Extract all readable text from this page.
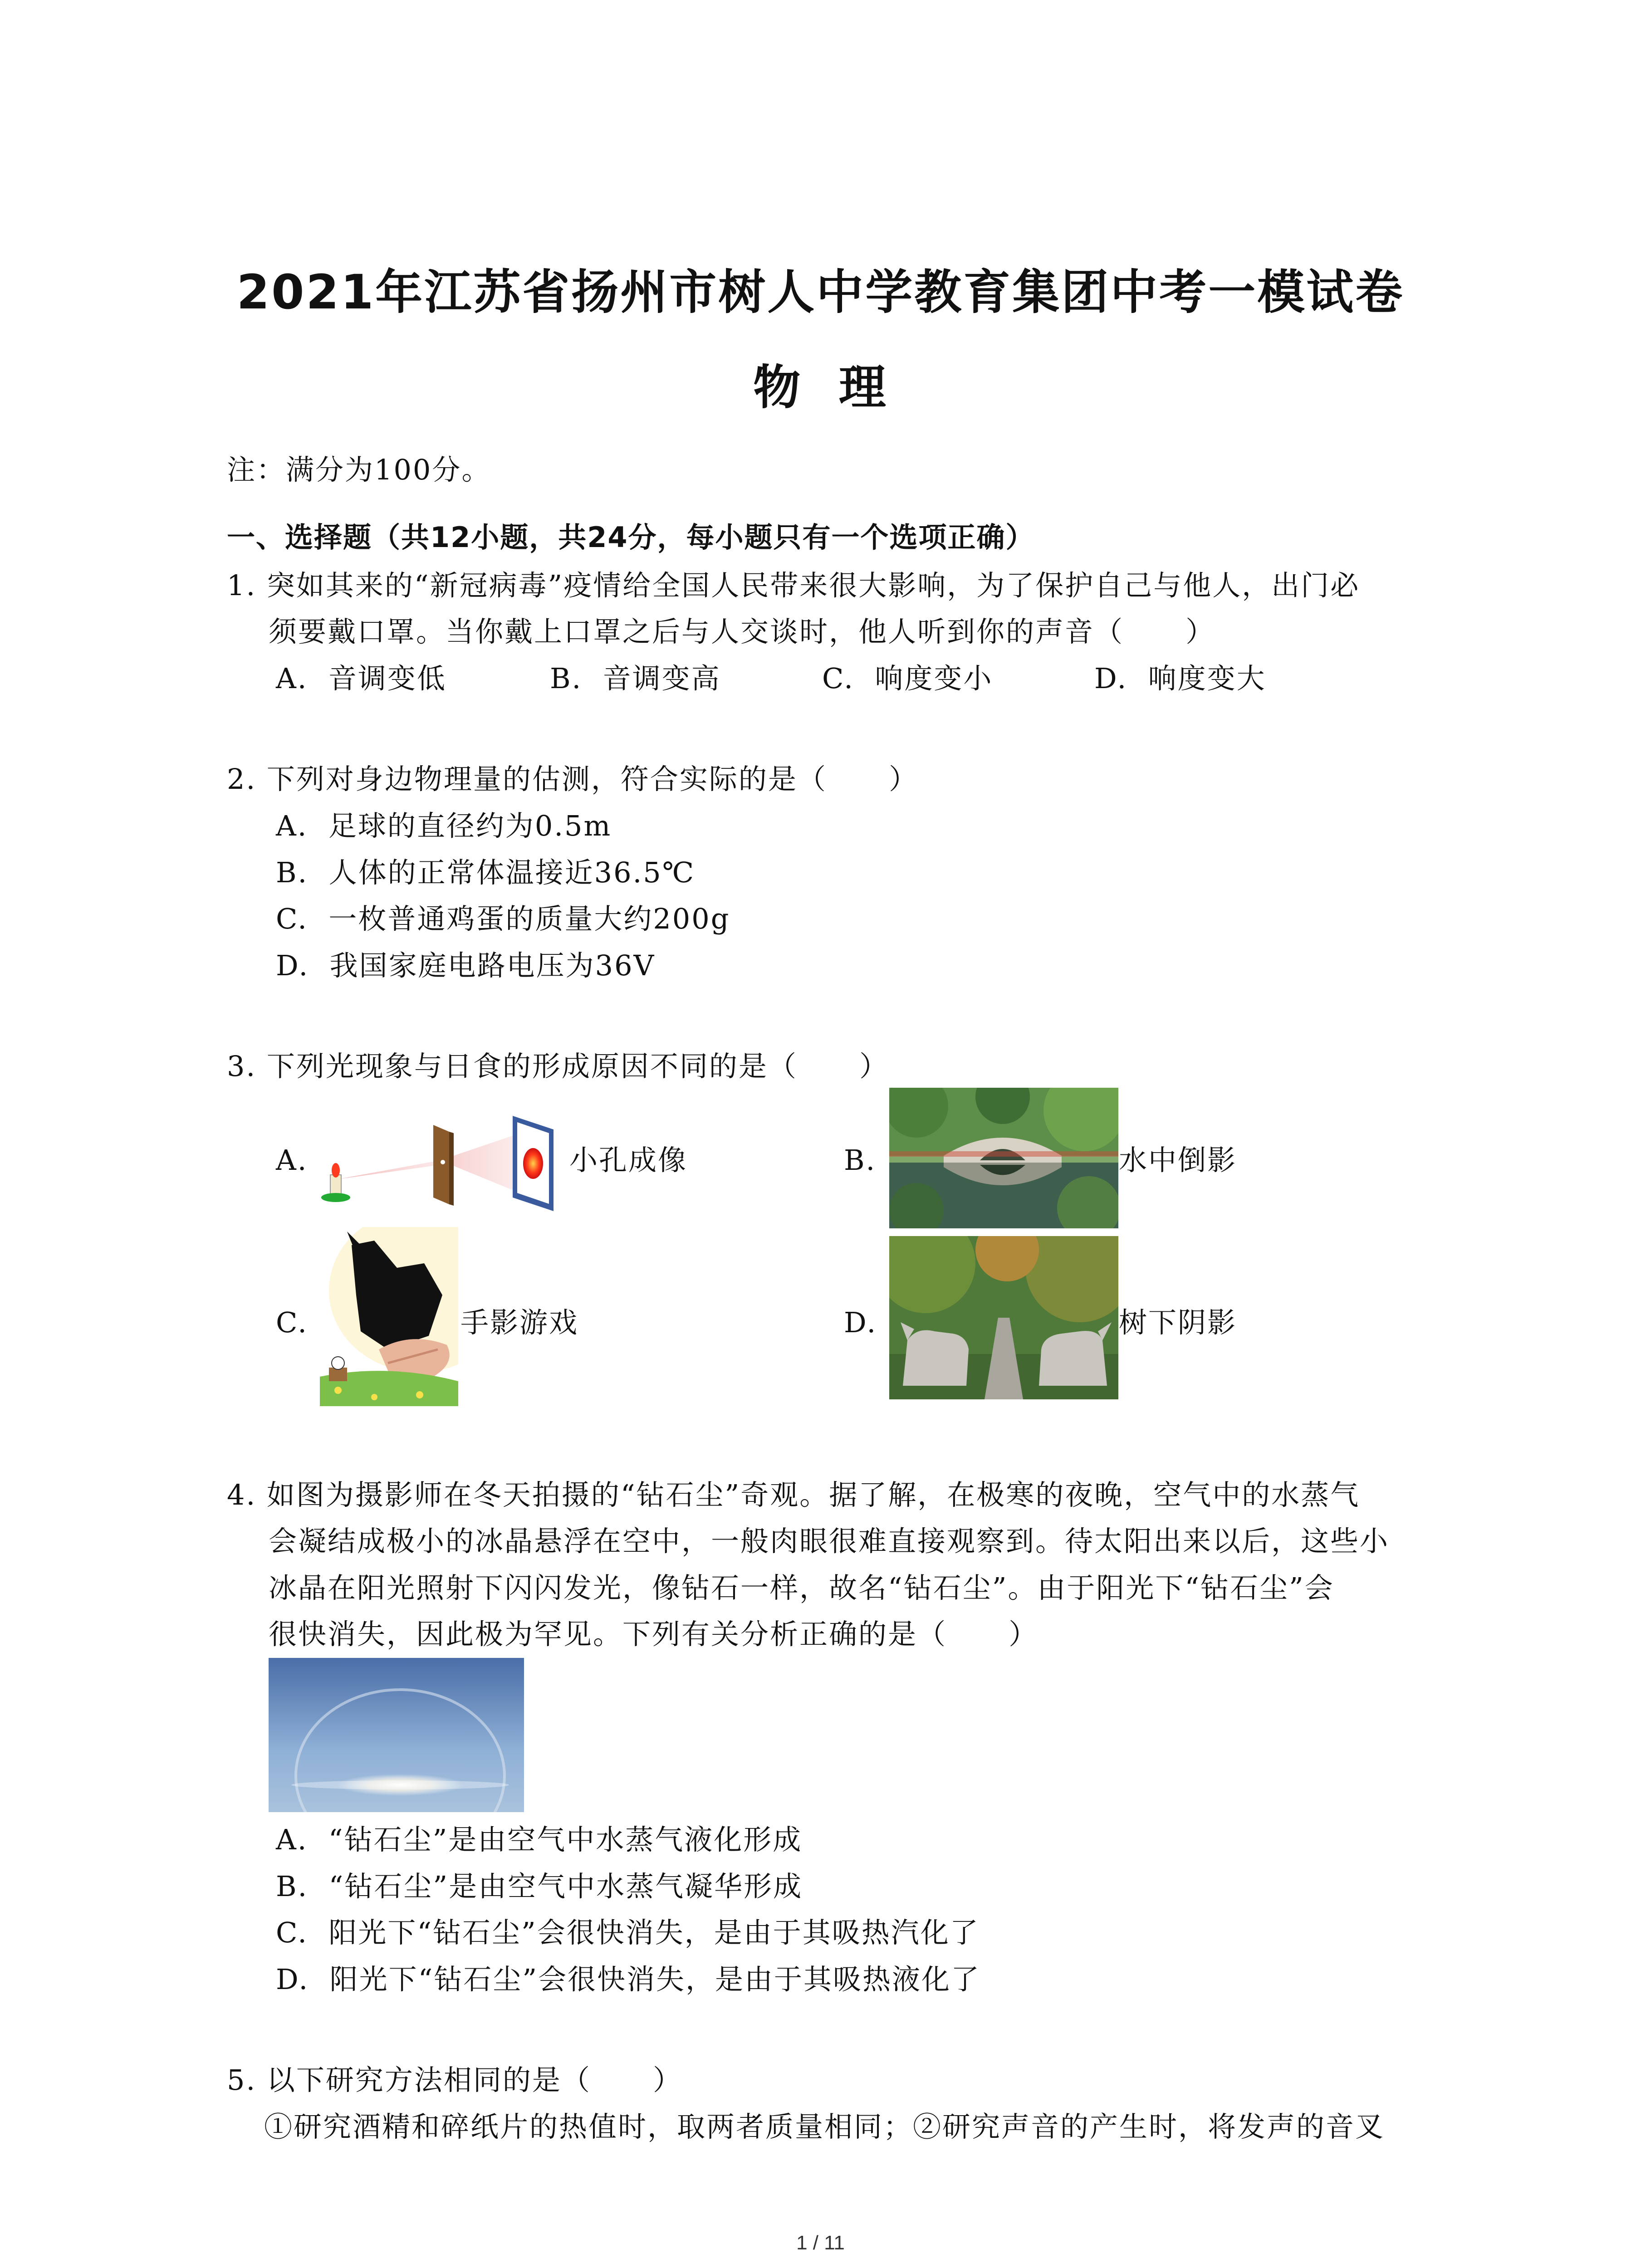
2021年江苏省扬州市树人中学教育集团中考一模试卷
物  理
注：满分为100分。
一、选择题（共12小题，共24分，每小题只有一个选项正确）
1. 突如其来的“新冠病毒”疫情给全国人民带来很大影响，为了保护自己与他人，出门必
须要戴口罩。当你戴上口罩之后与人交谈时，他人听到你的声音（      ）
A.  音调变低	B.  音调变高	C.  响度变小	D.  响度变大
2. 下列对身边物理量的估测，符合实际的是（      ）
A.  足球的直径约为0.5m
B.  人体的正常体温接近36.5℃
C.  一枚普通鸡蛋的质量大约200g
D.  我国家庭电路电压为36V
3. 下列光现象与日食的形成原因不同的是（      ）
A.	小孔成像	B.	水中倒影
C.	手影游戏	D.	树下阴影
4. 如图为摄影师在冬天拍摄的“钻石尘”奇观。据了解，在极寒的夜晚，空气中的水蒸气
会凝结成极小的冰晶悬浮在空中，一般肉眼很难直接观察到。待太阳出来以后，这些小
冰晶在阳光照射下闪闪发光，像钻石一样，故名“钻石尘”。由于阳光下“钻石尘”会
很快消失，因此极为罕见。下列有关分析正确的是（      ）
A.  “钻石尘”是由空气中水蒸气液化形成
B.  “钻石尘”是由空气中水蒸气凝华形成
C.  阳光下“钻石尘”会很快消失，是由于其吸热汽化了
D.  阳光下“钻石尘”会很快消失，是由于其吸热液化了
5. 以下研究方法相同的是（      ）
①研究酒精和碎纸片的热值时，取两者质量相同；②研究声音的产生时，将发声的音叉
1 / 11
